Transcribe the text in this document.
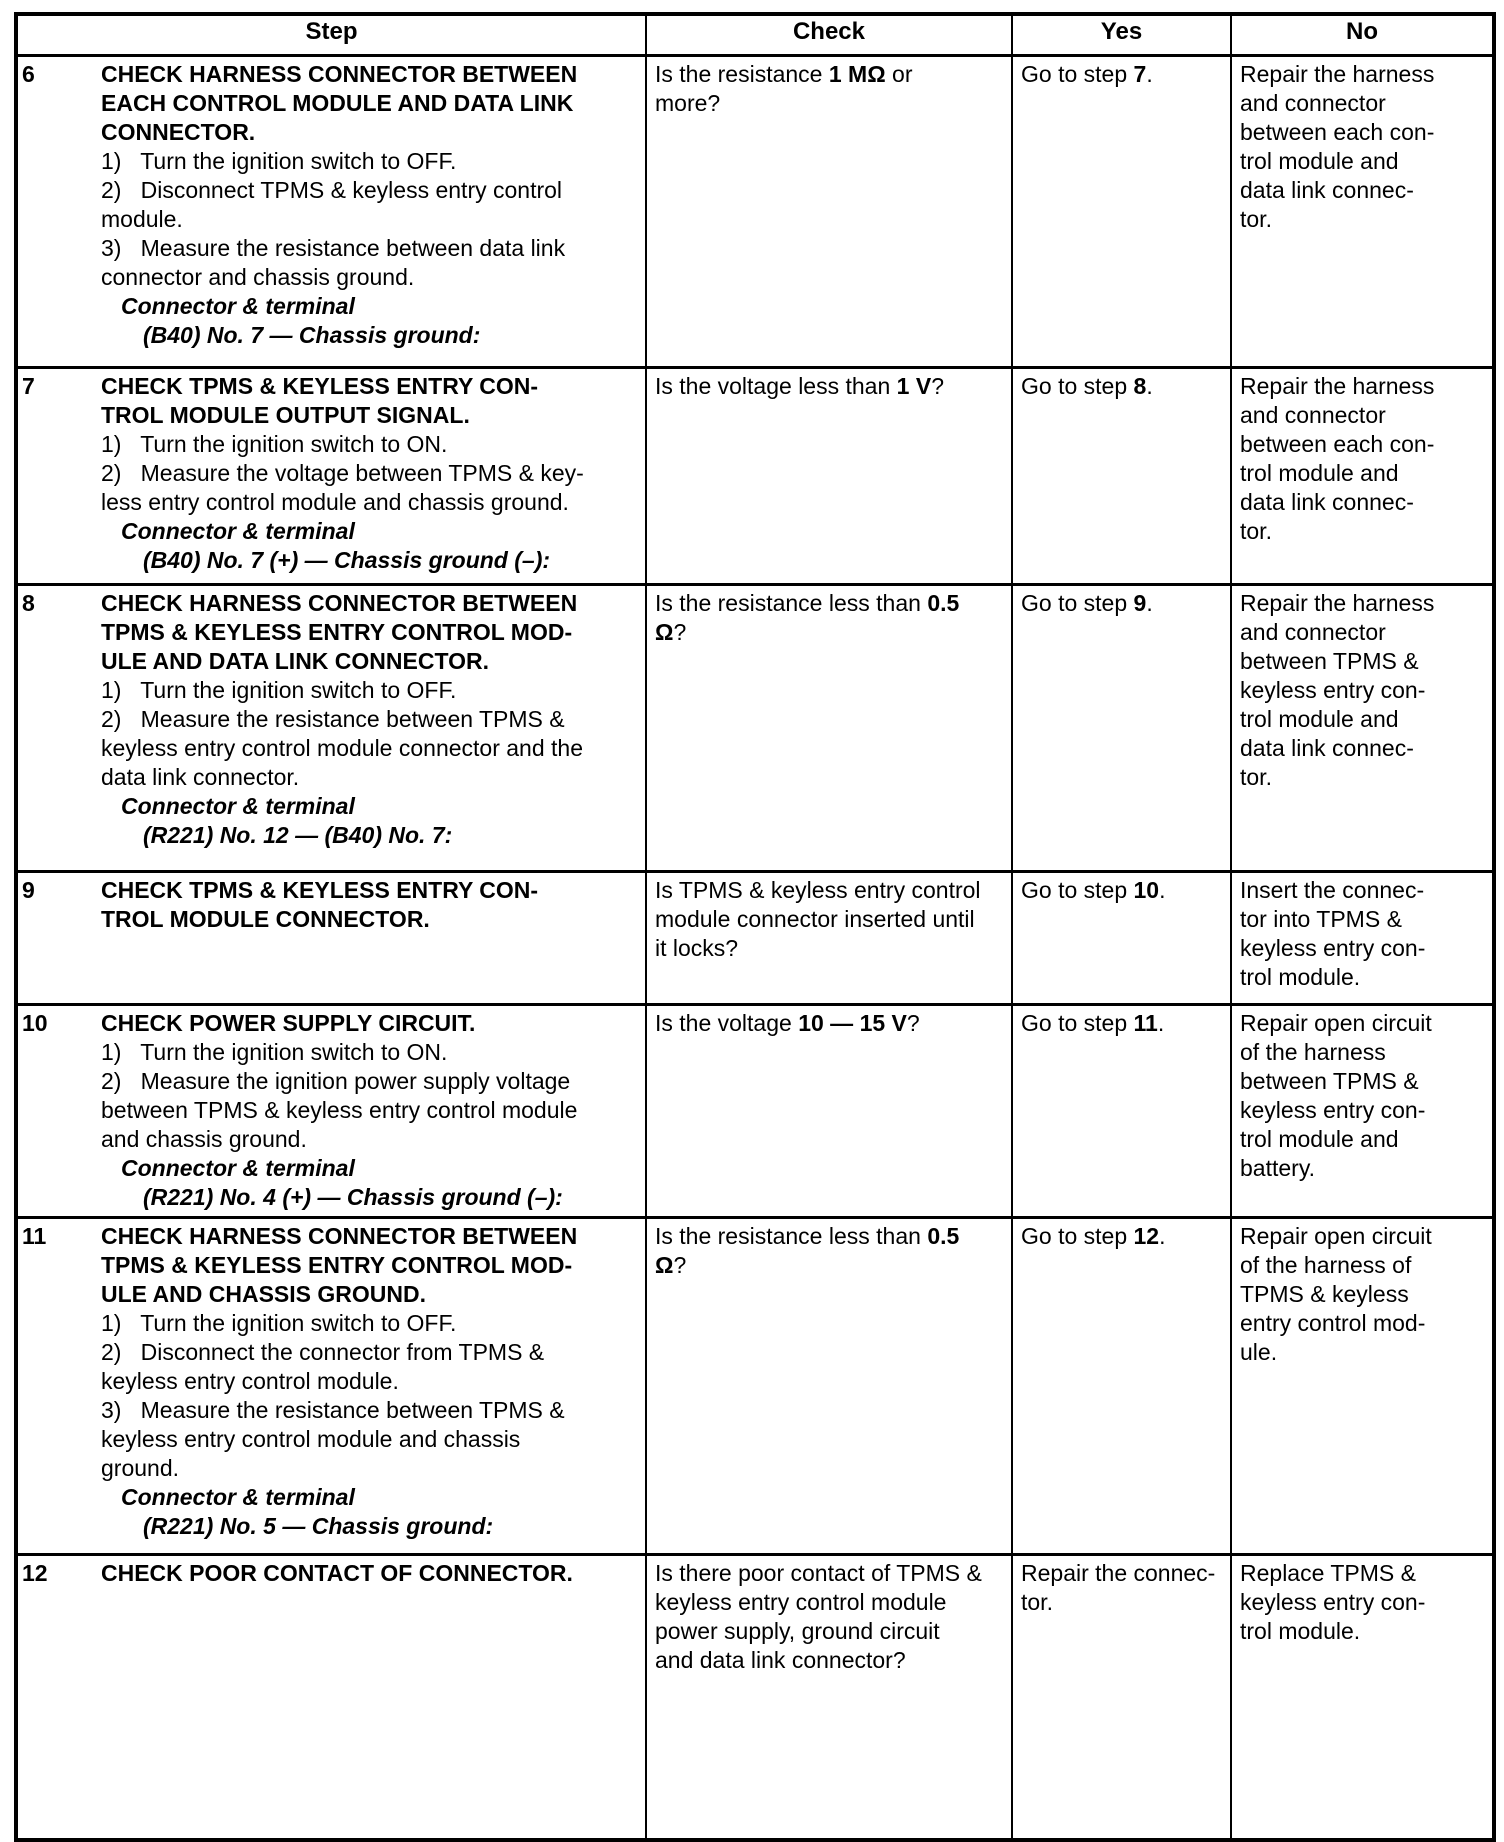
Step	Check	Yes	No

6	CHECK HARNESS CONNECTOR BETWEEN
EACH CONTROL MODULE AND DATA LINK
CONNECTOR.
1)   Turn the ignition switch to OFF.
2)   Disconnect TPMS & keyless entry control
module.
3)   Measure the resistance between data link
connector and chassis ground.
Connector & terminal
(B40) No. 7 — Chassis ground:
	Is the resistance 1 MΩ or
more?	Go to step 7.	Repair the harness
and connector
between each con-
trol module and
data link connec-
tor.

7	CHECK TPMS & KEYLESS ENTRY CON-
TROL MODULE OUTPUT SIGNAL.
1)   Turn the ignition switch to ON.
2)   Measure the voltage between TPMS & key-
less entry control module and chassis ground.
Connector & terminal
(B40) No. 7 (+) — Chassis ground (–):
	Is the voltage less than 1 V?	Go to step 8.	Repair the harness
and connector
between each con-
trol module and
data link connec-
tor.

8	CHECK HARNESS CONNECTOR BETWEEN
TPMS & KEYLESS ENTRY CONTROL MOD-
ULE AND DATA LINK CONNECTOR.
1)   Turn the ignition switch to OFF.
2)   Measure the resistance between TPMS &
keyless entry control module connector and the
data link connector.
Connector & terminal
(R221) No. 12 — (B40) No. 7:
	Is the resistance less than 0.5
Ω?	Go to step 9.	Repair the harness
and connector
between TPMS &
keyless entry con-
trol module and
data link connec-
tor.

9	CHECK TPMS & KEYLESS ENTRY CON-
TROL MODULE CONNECTOR.
	Is TPMS & keyless entry control
module connector inserted until
it locks?	Go to step 10.	Insert the connec-
tor into TPMS &
keyless entry con-
trol module.

10	CHECK POWER SUPPLY CIRCUIT.
1)   Turn the ignition switch to ON.
2)   Measure the ignition power supply voltage
between TPMS & keyless entry control module
and chassis ground.
Connector & terminal
(R221) No. 4 (+) — Chassis ground (–):
	Is the voltage 10 — 15 V?	Go to step 11.	Repair open circuit
of the harness
between TPMS &
keyless entry con-
trol module and
battery.

11	CHECK HARNESS CONNECTOR BETWEEN
TPMS & KEYLESS ENTRY CONTROL MOD-
ULE AND CHASSIS GROUND.
1)   Turn the ignition switch to OFF.
2)   Disconnect the connector from TPMS &
keyless entry control module.
3)   Measure the resistance between TPMS &
keyless entry control module and chassis
ground.
Connector & terminal
(R221) No. 5 — Chassis ground:
	Is the resistance less than 0.5
Ω?	Go to step 12.	Repair open circuit
of the harness of
TPMS & keyless
entry control mod-
ule.

12	CHECK POOR CONTACT OF CONNECTOR.	Is there poor contact of TPMS &
keyless entry control module
power supply, ground circuit
and data link connector?	Repair the connec-
tor.	Replace TPMS &
keyless entry con-
trol module.
